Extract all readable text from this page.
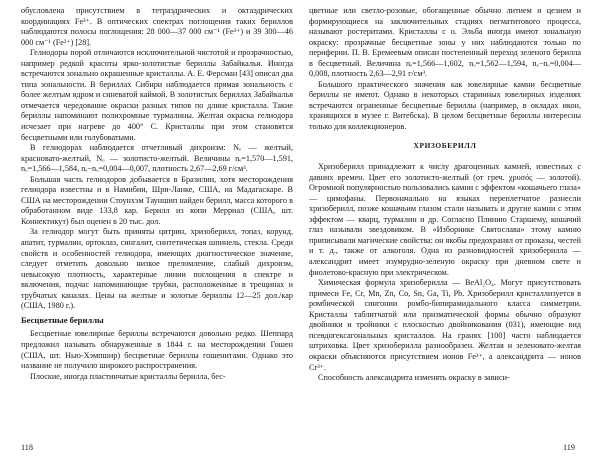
обусловлена присутствием в тетраэдрических и октаэдрических координациях Fe³⁺. В оптических спектрах поглощения таких бериллов наблюдаются полосы поглощения: 28 000—37 000 см⁻¹ (Fe³⁺) и 39 300—46 000 см⁻¹ (Fe²⁺) [28].

Гелиодоры порой отличаются исключительной чистотой и прозрачностью, например редкой красоты ярко-золотистые бериллы Забайкалья. Иногда встречаются зонально окрашенные кристаллы. А. Е. Ферсман [43] описал два типа зональности. В бериллах Сибири наблюдается прямая зональность с более желтым ядром и синеватой каймой. В золотистых бериллах Забайкалья отмечается чередование окраски разных типов по длине кристалла. Такие бериллы напоминают полихромные турмалины. Желтая окраска гелиодора исчезает при нагреве до 400° С. Кристаллы при этом становятся бесцветными или голубоватыми.

В гелиодорах наблюдается отчетливый дихроизм: Nₑ — желтый, красновато-желтый, Nₒ — золотисто-желтый. Величины nₑ=1,570—1,591, nₒ=1,566—1,584, nₑ−nₒ=0,004—0,007, плотность 2,67—2,69 г/см³.

Большая часть гелиодоров добывается в Бразилии, хотя месторождения гелиодора известны и в Намибии, Шри-Ланке, США, на Мадагаскаре. В США на месторождении Стоунхэм Тауншип найден берилл, масса которого в обработанном виде 133,8 кар. Берилл из копи Мерриал (США, шт. Коннектикут) был оценен в 20 тыс. дол.

За гелиодор могут быть приняты цитрин, хризоберилл, топаз, корунд, апатит, турмалин, ортоклаз, сингалит, синтетическая шпинель, стекла. Среди свойств и особенностей гелиодора, имеющих диагностическое значение, следует отметить довольно низкое преломление, слабый дихроизм, невысокую плотность, характерные линии поглощения в спектре и включения, подчас напоминающие трубки, расположенные в трещинах и трубчатых каналах. Цены на желтые и золотые бериллы 12—25 дол./кар (США, 1980 г.).

Бесцветные бериллы

Бесцветные ювелирные бериллы встречаются довольно редко. Шеппард предложил называть обнаруженные в 1844 г. на месторождении Гошен (США, шт. Нью-Хэмпшир) бесцветные бериллы гошенитами. Однако это название не получило широкого распространения.

Плоские, иногда пластинчатые кристаллы берилла, бес-

цветные или светло-розовые, обогащенные обычно литием и цезием и формирующиеся на заключительных стадиях пегматитового процесса, называют ростеритами. Кристаллы с о. Эльба иногда имеют зональную окраску: прозрачные бесцветные зоны у них наблюдаются только по периферии. П. В. Еремеевым описан постепенный переход зеленого берилла в бесцветный. Величина nₑ=1,566—1,602, nₒ=1,562—1,594, nₑ−nₒ=0,004—0,008, плотность 2,63—2,91 г/см³.

Большого практического значения как ювелирные камни бесцветные бериллы не имеют. Однако в некоторых старинных ювелирных изделиях встречаются ограненные бесцветные бериллы (например, в окладах икон, хранящихся в музее г. Витебска). В целом бесцветные бериллы интересны только для коллекционеров.

ХРИЗОБЕРИЛЛ

Хризоберилл принадлежит к числу драгоценных камней, известных с давних времен. Цвет его золотисто-желтый (от греч. χρυσός — золотой). Огромной популярностью пользовались камни с эффектом «кошачьего глаза» — цимофаны. Первоначально на языках переплетчатое разнесли хризоберилл, позже кошачьим глазом стали называть и другие камни с этим эффектом — кварц, турмалин и др. Согласно Плинию Старшему, кошачий глаз называли звездовиком. В «Изборнике Святослава» этому камню приписывали магические свойства: он якобы предохранял от проказы, честей и т. д., также от алкоголя. Одна из разновидностей хризоберилла — александрит имеет изумрудно-зеленую окраску при дневном свете и фиолетово-красную при электрическом.

Химическая формула хризоберилла — BeAl₂O₄. Могут присутствовать примеси Fe, Cr, Mn, Zn, Co, Sn, Ga, Ti, Pb. Хризоберилл кристаллизуется в ромбической сингонии ромбо-бипирамидального класса симметрии. Кристаллы таблитчатой или призматической формы обычно образуют двойники и тройники с плоскостью двойникования (031), имеющие вид псевдогексагональных кристаллов. На гранях [100] часто наблюдается штриховка. Цвет хризоберилла разнообразен. Желтая и зеленовато-желтая окраски объясняются присутствием ионов Fe³⁺, а александрита — ионов Cr³⁺.

Способность александрита изменять окраску в зависи-

118	119
